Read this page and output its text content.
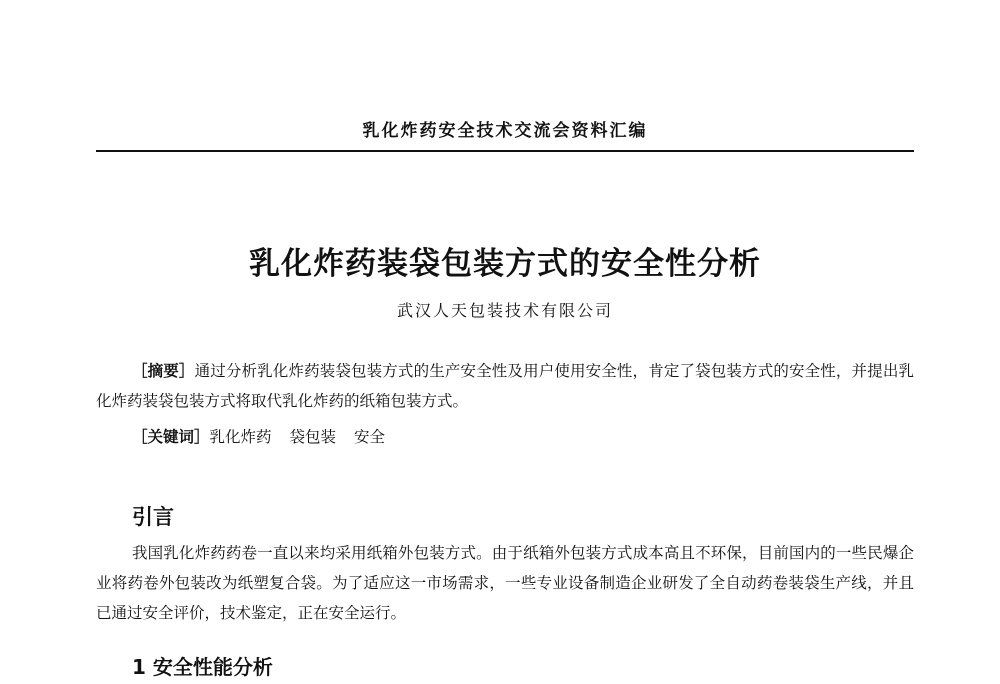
乳化炸药安全技术交流会资料汇编
乳化炸药装袋包装方式的安全性分析
武汉人天包装技术有限公司
［摘要］通过分析乳化炸药装袋包装方式的生产安全性及用户使用安全性，肯定了袋包装方式的安全性，并提出乳化炸药装袋包装方式将取代乳化炸药的纸箱包装方式。
［关键词］乳化炸药 袋包装 安全
引言
我国乳化炸药药卷一直以来均采用纸箱外包装方式。由于纸箱外包装方式成本高且不环保，目前国内的一些民爆企业将药卷外包装改为纸塑复合袋。为了适应这一市场需求，一些专业设备制造企业研发了全自动药卷装袋生产线，并且已通过安全评价，技术鉴定，正在安全运行。
1 安全性能分析
